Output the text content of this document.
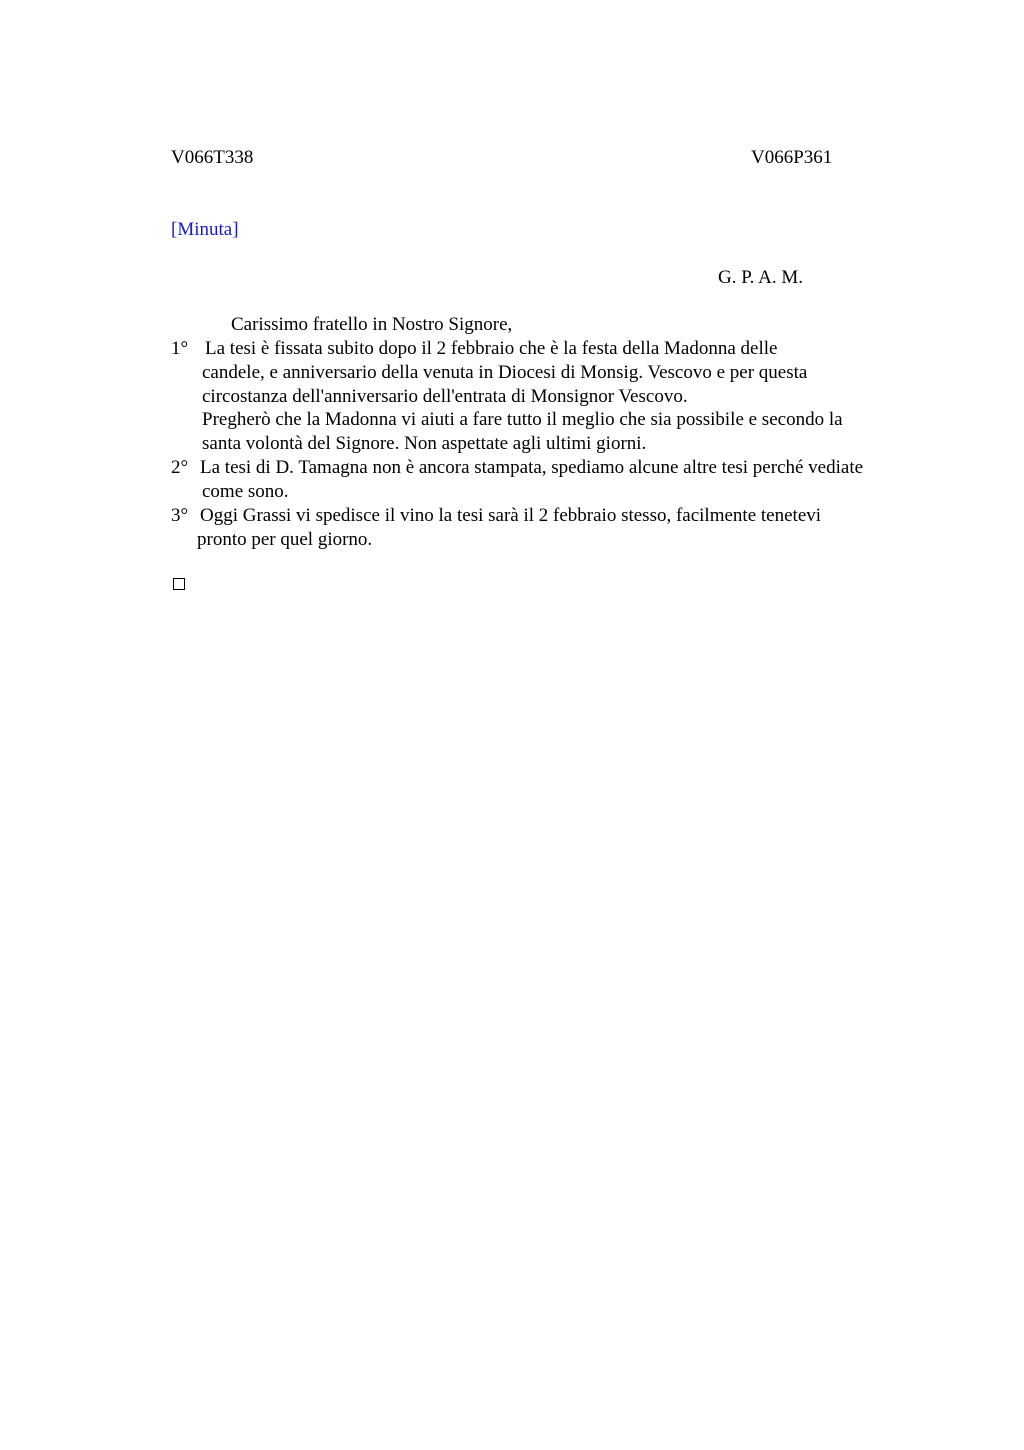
V066T338	V066P361
[Minuta]
G. P. A. M.
Carissimo fratello in Nostro Signore,
1° La tesi è fissata subito dopo il 2 febbraio che è la festa della Madonna delle
candele, e anniversario della venuta in Diocesi di Monsig. Vescovo e per questa
circostanza dell'anniversario dell'entrata di Monsignor Vescovo.
Pregherò che la Madonna vi aiuti a fare tutto il meglio che sia possibile e secondo la
santa volontà del Signore. Non aspettate agli ultimi giorni.
2° La tesi di D. Tamagna non è ancora stampata, spediamo alcune altre tesi perché vediate
come sono.
3° Oggi Grassi vi spedisce il vino la tesi sarà il 2 febbraio stesso, facilmente tenetevi
pronto per quel giorno.
